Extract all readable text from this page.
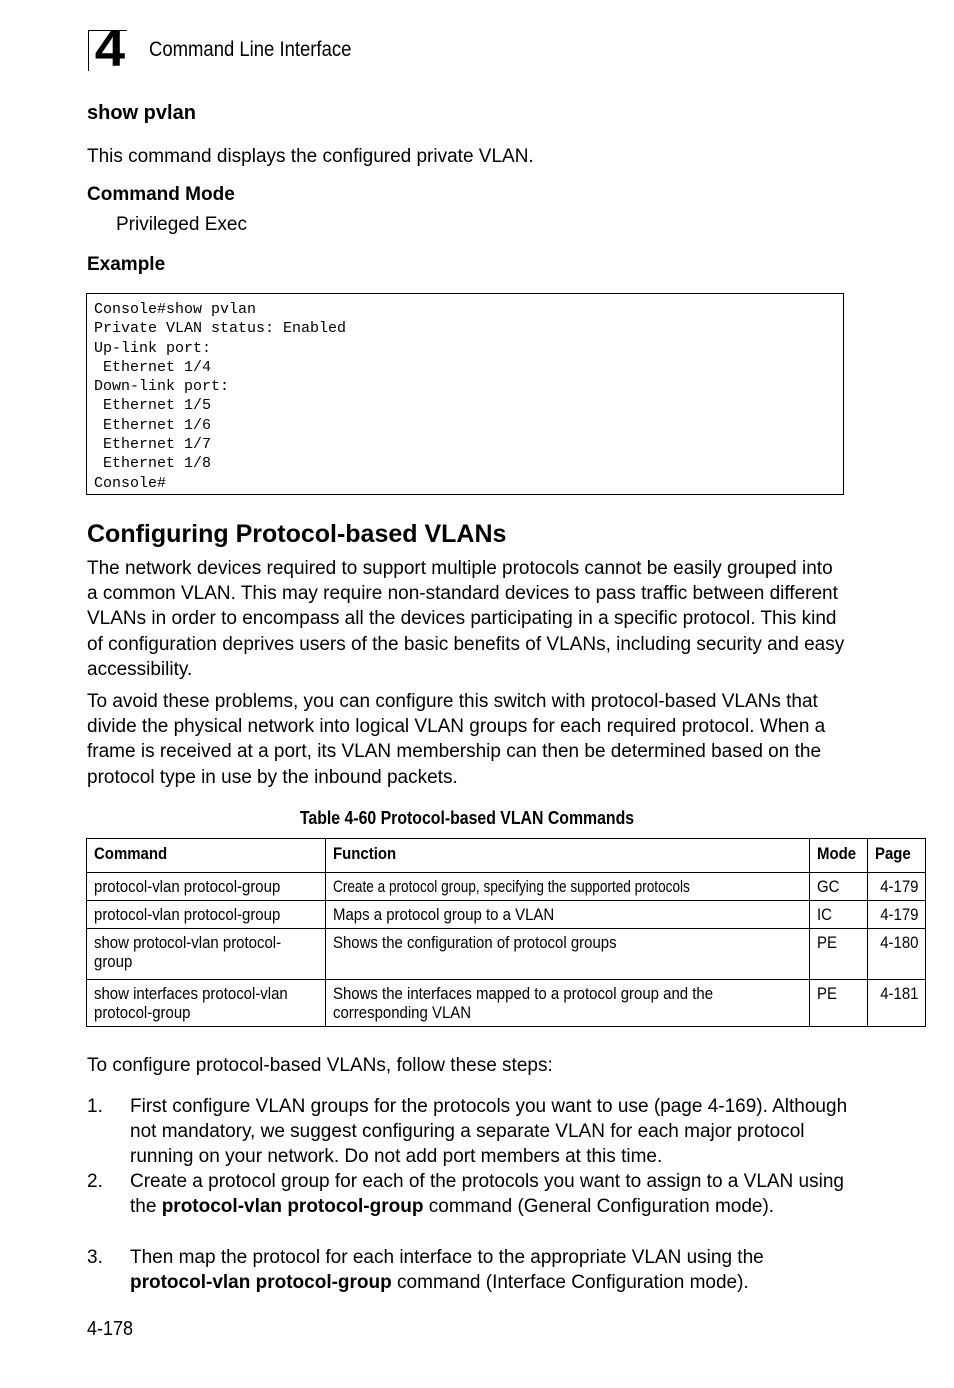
4	Command Line Interface
show pvlan
This command displays the configured private VLAN.
Command Mode
Privileged Exec
Example
Console#show pvlan
Private VLAN status: Enabled
Up-link port:
Ethernet 1/4
Down-link port:
Ethernet 1/5
Ethernet 1/6
Ethernet 1/7
Ethernet 1/8
Console#
Configuring Protocol-based VLANs
The network devices required to support multiple protocols cannot be easily grouped into a common VLAN. This may require non-standard devices to pass traffic between different VLANs in order to encompass all the devices participating in a specific protocol. This kind of configuration deprives users of the basic benefits of VLANs, including security and easy accessibility.
To avoid these problems, you can configure this switch with protocol-based VLANs that divide the physical network into logical VLAN groups for each required protocol. When a frame is received at a port, its VLAN membership can then be determined based on the protocol type in use by the inbound packets.
Table 4-60 Protocol-based VLAN Commands
Command	Function	Mode	Page
protocol-vlan protocol-group	Create a protocol group, specifying the supported protocols	GC	4-179
protocol-vlan protocol-group	Maps a protocol group to a VLAN	IC	4-179
show protocol-vlan protocol-group	Shows the configuration of protocol groups	PE	4-180
show interfaces protocol-vlan protocol-group	Shows the interfaces mapped to a protocol group and the corresponding VLAN	PE	4-181
To configure protocol-based VLANs, follow these steps:
1. First configure VLAN groups for the protocols you want to use (page 4-169). Although not mandatory, we suggest configuring a separate VLAN for each major protocol running on your network. Do not add port members at this time.
2. Create a protocol group for each of the protocols you want to assign to a VLAN using the protocol-vlan protocol-group command (General Configuration mode).
3. Then map the protocol for each interface to the appropriate VLAN using the protocol-vlan protocol-group command (Interface Configuration mode).
4-178
